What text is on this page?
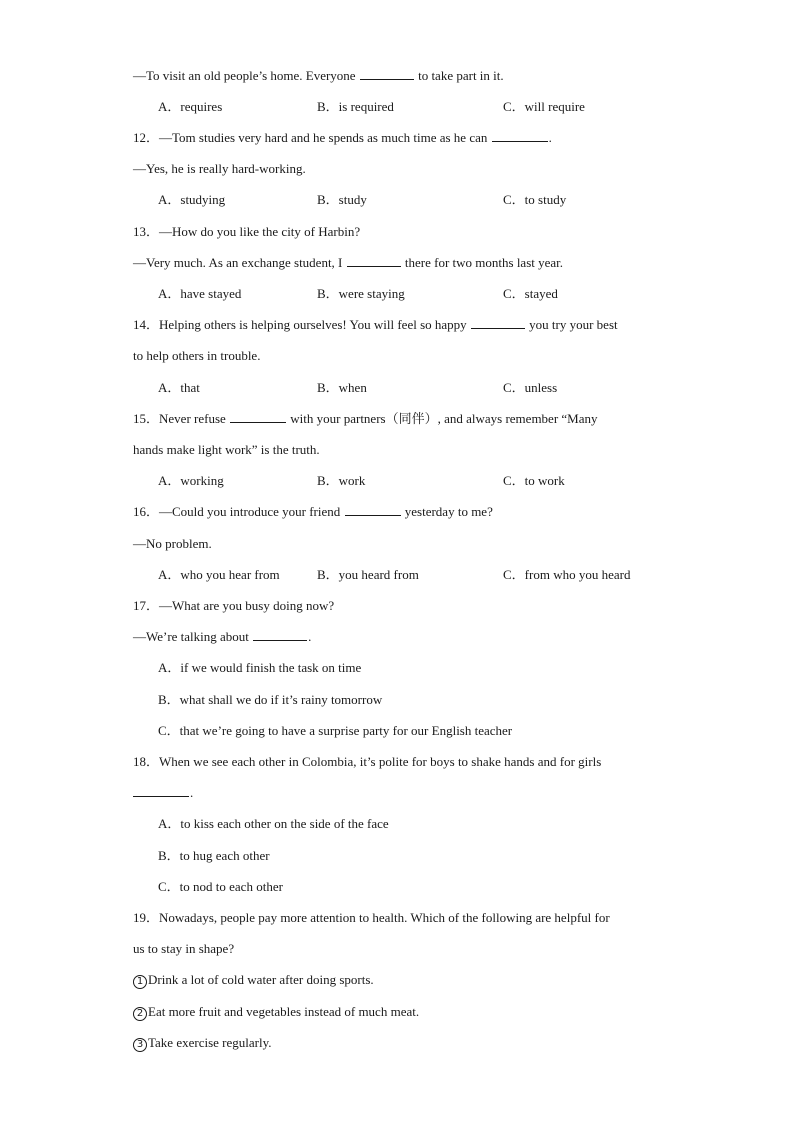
—To visit an old people’s home. Everyone	to take part in it.
A．requires	B．is required	C．will require
12．—Tom studies very hard and he spends as much time as he can	.
—Yes, he is really hard-working.
A．studying	B．study	C．to study
13．—How do you like the city of Harbin?
—Very much. As an exchange student, I	there for two months last year.
A．have stayed	B．were staying	C．stayed
14．Helping others is helping ourselves! You will feel so happy	you try your best
to help others in trouble.
A．that	B．when	C．unless
15．Never refuse	with your partners（同伴）, and always remember “Many
hands make light work” is the truth.
A．working	B．work	C．to work
16．—Could you introduce your friend	yesterday to me?
—No problem.
A．who you hear from	B．you heard from	C．from who you heard
17．—What are you busy doing now?
—We’re talking about	.
A．if we would finish the task on time
B．what shall we do if it’s rainy tomorrow
C．that we’re going to have a surprise party for our English teacher
18．When we see each other in Colombia, it’s polite for boys to shake hands and for girls
.
A．to kiss each other on the side of the face
B．to hug each other
C．to nod to each other
19．Nowadays, people pay more attention to health. Which of the following are helpful for
us to stay in shape?
1 Drink a lot of cold water after doing sports.
2 Eat more fruit and vegetables instead of much meat.
3 Take exercise regularly.
